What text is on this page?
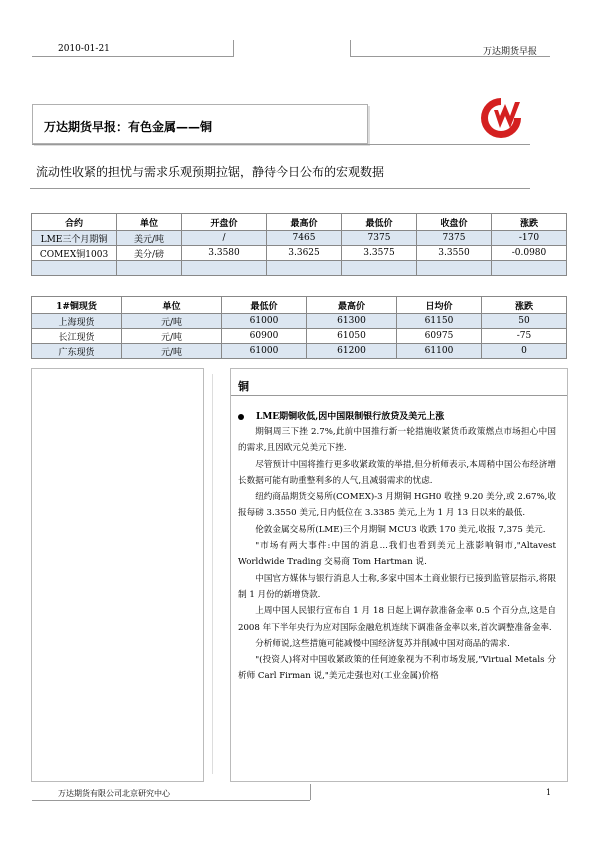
2010-01-21	万达期货早报
万达期货早报：有色金属——铜
流动性收紧的担忧与需求乐观预期拉锯，静待今日公布的宏观数据
合约	单位	开盘价	最高价	最低价	收盘价	涨跌
LME三个月期铜	美元/吨	/	7465	7375	7375	-170
COMEX铜1003	美分/磅	3.3580	3.3625	3.3575	3.3550	-0.0980

1#铜现货	单位	最低价	最高价	日均价	涨跌
上海现货	元/吨	61000	61300	61150	50
长江现货	元/吨	60900	61050	60975	-75
广东现货	元/吨	61000	61200	61100	0
铜
LME期铜收低,因中国限制银行放贷及美元上涨

期铜周三下挫 2.7%,此前中国推行新一轮措施收紧货币政策燃点市场担心中国的需求,且因欧元兑美元下挫.

尽管预计中国将推行更多收紧政策的举措,但分析师表示,本周稍中国公布经济增长数据可能有助重整利多的人气,且减弱需求的忧虑.

纽约商品期货交易所(COMEX)-3 月期铜 HGH0 收挫 9.20 美分,或 2.67%,收报每磅 3.3550 美元,日内低位在 3.3385 美元,上为 1 月 13 日以来的最低.

伦敦金属交易所(LME)三个月期铜 MCU3 收跌 170 美元,收报 7,375 美元.

"市场有两大事件:中国的消息...我们也看到美元上涨影响铜市,"Altavest Worldwide Trading 交易商 Tom Hartman 说.

中国官方媒体与银行消息人士称,多家中国本土商业银行已接到监管层指示,将限制 1 月份的新增贷款.

上周中国人民银行宣布自 1 月 18 日起上调存款准备金率 0.5 个百分点,这是自 2008 年下半年央行为应对国际金融危机连续下调准备金率以来,首次调整准备金率.

分析师说,这些措施可能减慢中国经济复苏并削减中国对商品的需求.

"(投资人)将对中国收紧政策的任何迹象视为不利市场发展,"Virtual Metals 分析师 Carl Firman 说,"美元走强也对(工业金属)价格

万达期货有限公司北京研究中心	1
